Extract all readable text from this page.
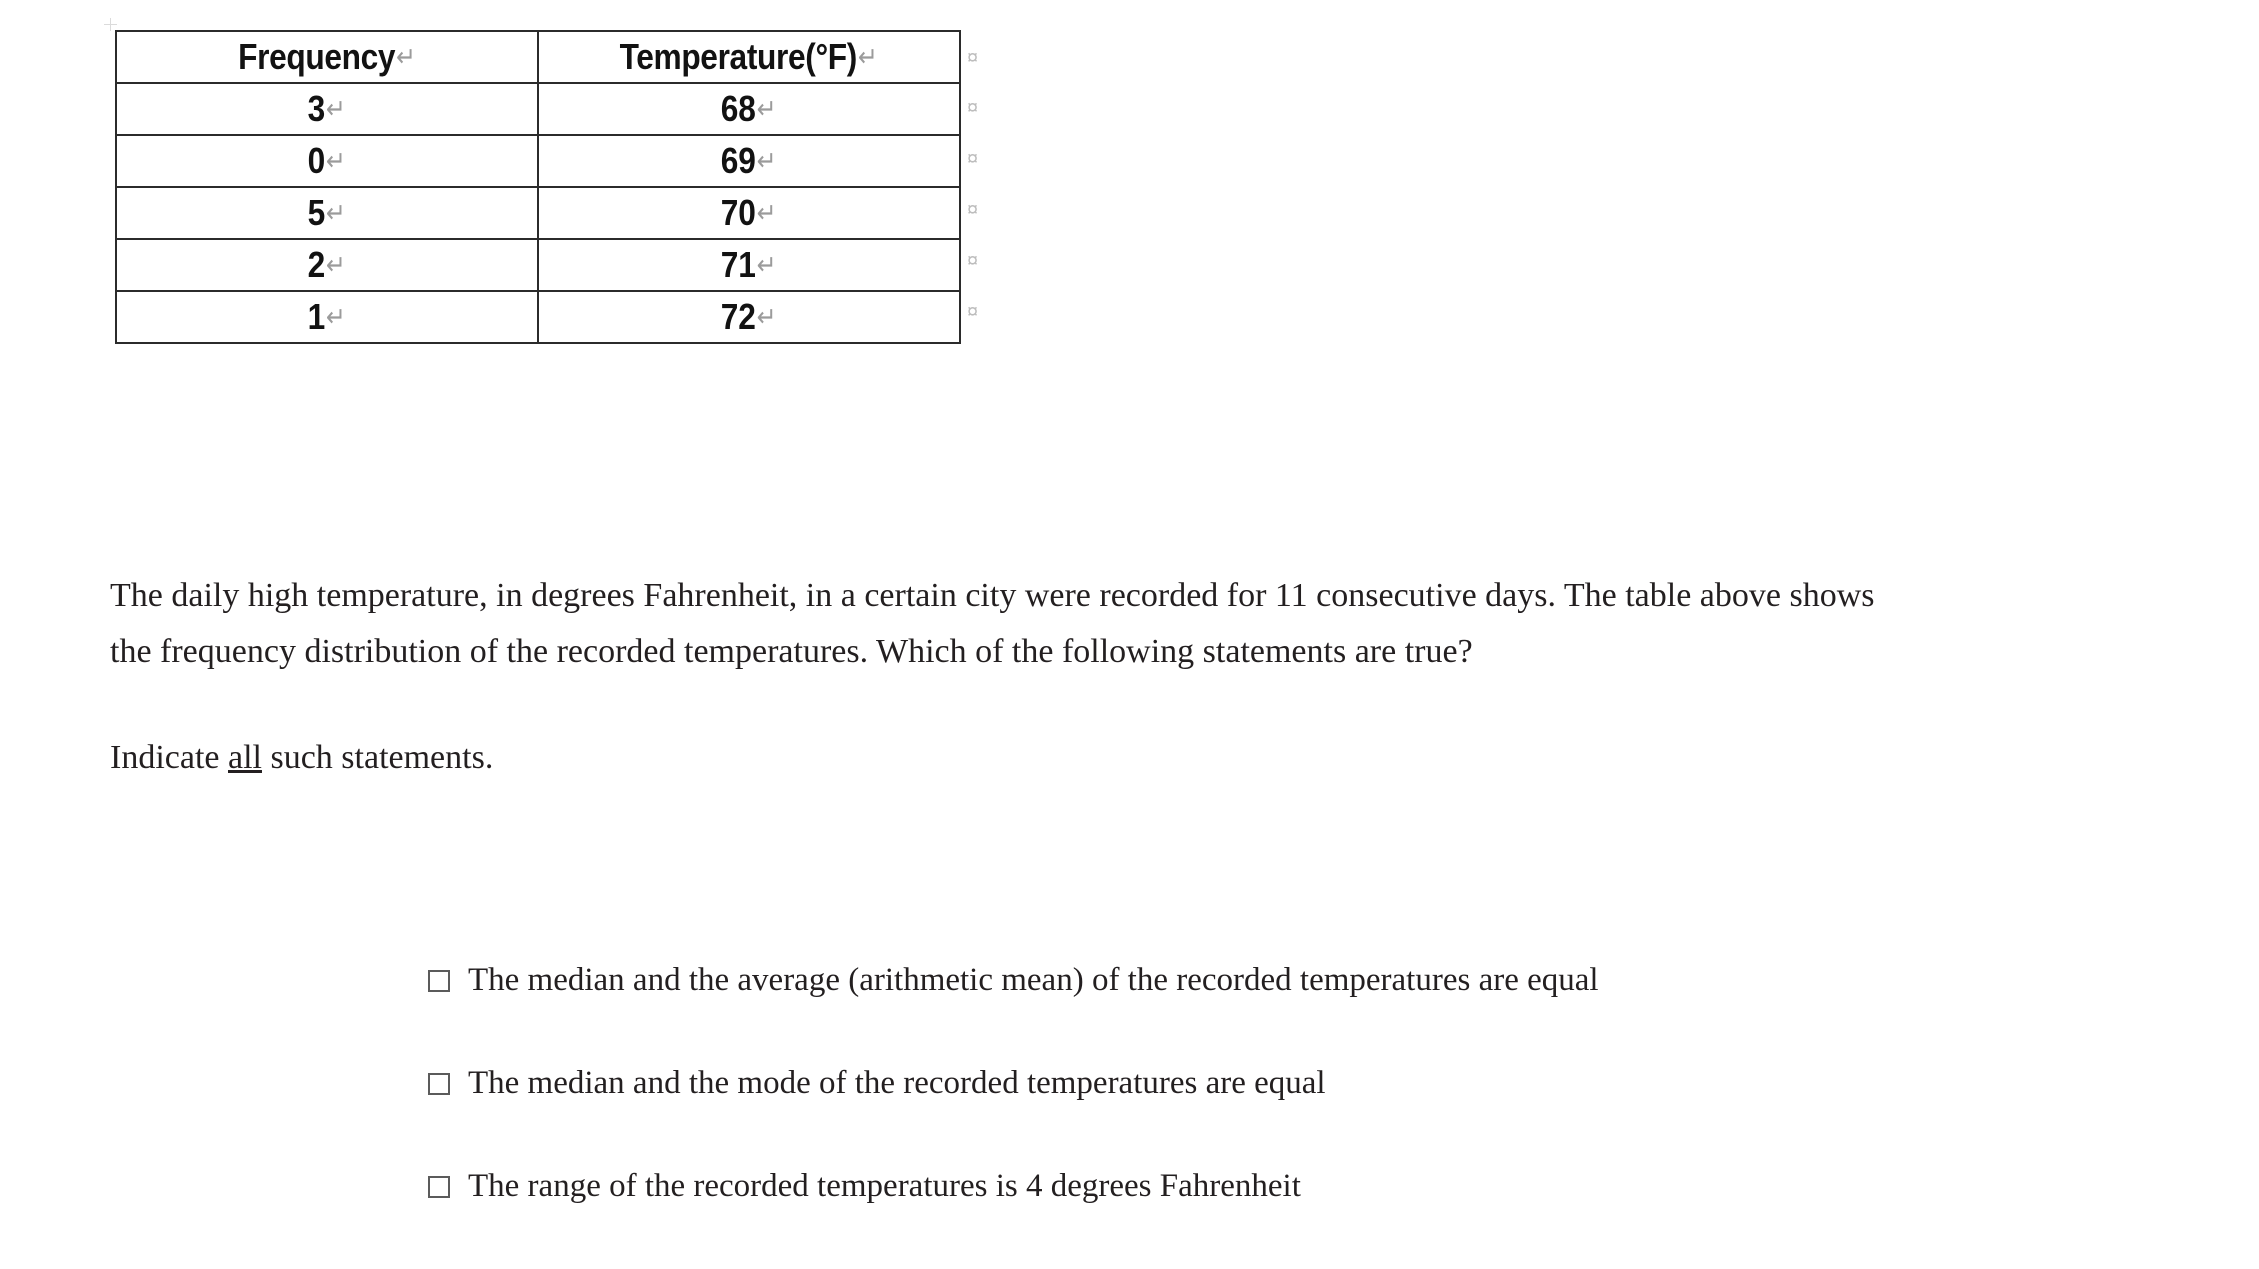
Frequency↵	Temperature(°F)↵
3↵	68↵
0↵	69↵
5↵	70↵
2↵	71↵
1↵	72↵
¤
¤
¤
¤
¤
¤

The daily high temperature, in degrees Fahrenheit, in a certain city were recorded for 11 consecutive days. The table above shows

the frequency distribution of the recorded temperatures. Which of the following statements are true?

Indicate all such statements.

The median and the average (arithmetic mean) of the recorded temperatures are equal
The median and the mode of the recorded temperatures are equal
The range of the recorded temperatures is 4 degrees Fahrenheit
